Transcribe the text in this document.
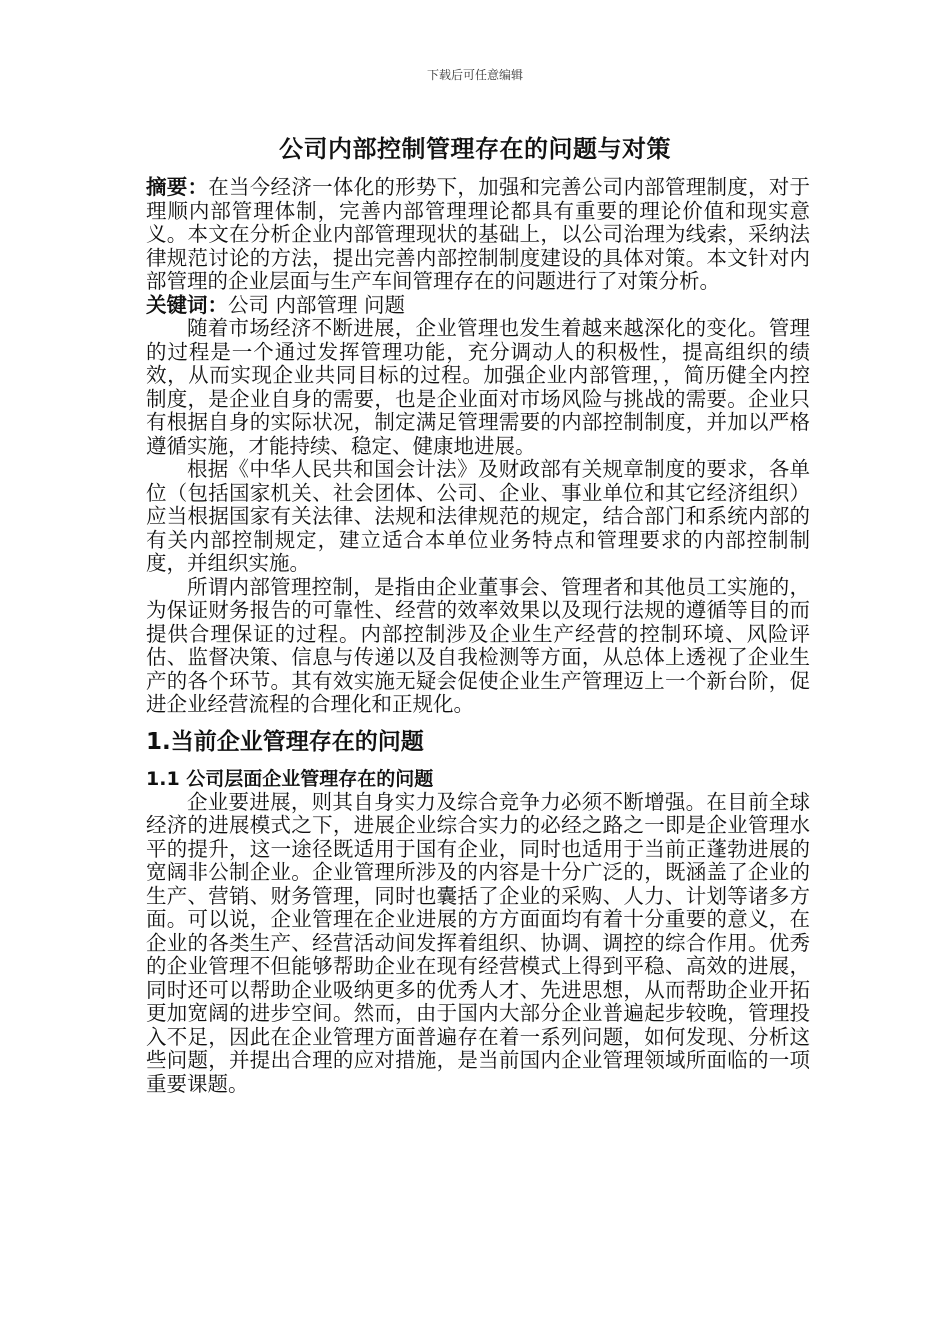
下载后可任意编辑
公司内部控制管理存在的问题与对策

摘要：在当今经济一体化的形势下，加强和完善公司内部管理制度，对于理顺内部管理体制，完善内部管理理论都具有重要的理论价值和现实意义。本文在分析企业内部管理现状的基础上，以公司治理为线索，采纳法律规范讨论的方法，提出完善内部控制制度建设的具体对策。本文针对内部管理的企业层面与生产车间管理存在的问题进行了对策分析。

关键词：公司 内部管理 问题

随着市场经济不断进展，企业管理也发生着越来越深化的变化。管理的过程是一个通过发挥管理功能，充分调动人的积极性，提高组织的绩效，从而实现企业共同目标的过程。加强企业内部管理，，简历健全内控制度，是企业自身的需要，也是企业面对市场风险与挑战的需要。企业只有根据自身的实际状况，制定满足管理需要的内部控制制度，并加以严格遵循实施，才能持续、稳定、健康地进展。

根据《中华人民共和国会计法》及财政部有关规章制度的要求，各单位（包括国家机关、社会团体、公司、企业、事业单位和其它经济组织）应当根据国家有关法律、法规和法律规范的规定，结合部门和系统内部的有关内部控制规定，建立适合本单位业务特点和管理要求的内部控制制度，并组织实施。

所谓内部管理控制，是指由企业董事会、管理者和其他员工实施的，为保证财务报告的可靠性、经营的效率效果以及现行法规的遵循等目的而提供合理保证的过程。内部控制涉及企业生产经营的控制环境、风险评估、监督决策、信息与传递以及自我检测等方面，从总体上透视了企业生产的各个环节。其有效实施无疑会促使企业生产管理迈上一个新台阶，促进企业经营流程的合理化和正规化。

1.当前企业管理存在的问题
1.1 公司层面企业管理存在的问题

企业要进展，则其自身实力及综合竞争力必须不断增强。在目前全球经济的进展模式之下，进展企业综合实力的必经之路之一即是企业管理水平的提升，这一途径既适用于国有企业，同时也适用于当前正蓬勃进展的宽阔非公制企业。企业管理所涉及的内容是十分广泛的，既涵盖了企业的生产、营销、财务管理，同时也囊括了企业的采购、人力、计划等诸多方面。可以说，企业管理在企业进展的方方面面均有着十分重要的意义，在企业的各类生产、经营活动间发挥着组织、协调、调控的综合作用。优秀的企业管理不但能够帮助企业在现有经营模式上得到平稳、高效的进展，同时还可以帮助企业吸纳更多的优秀人才、先进思想，从而帮助企业开拓更加宽阔的进步空间。然而，由于国内大部分企业普遍起步较晚，管理投入不足，因此在企业管理方面普遍存在着一系列问题，如何发现、分析这些问题，并提出合理的应对措施，是当前国内企业管理领域所面临的一项重要课题。
